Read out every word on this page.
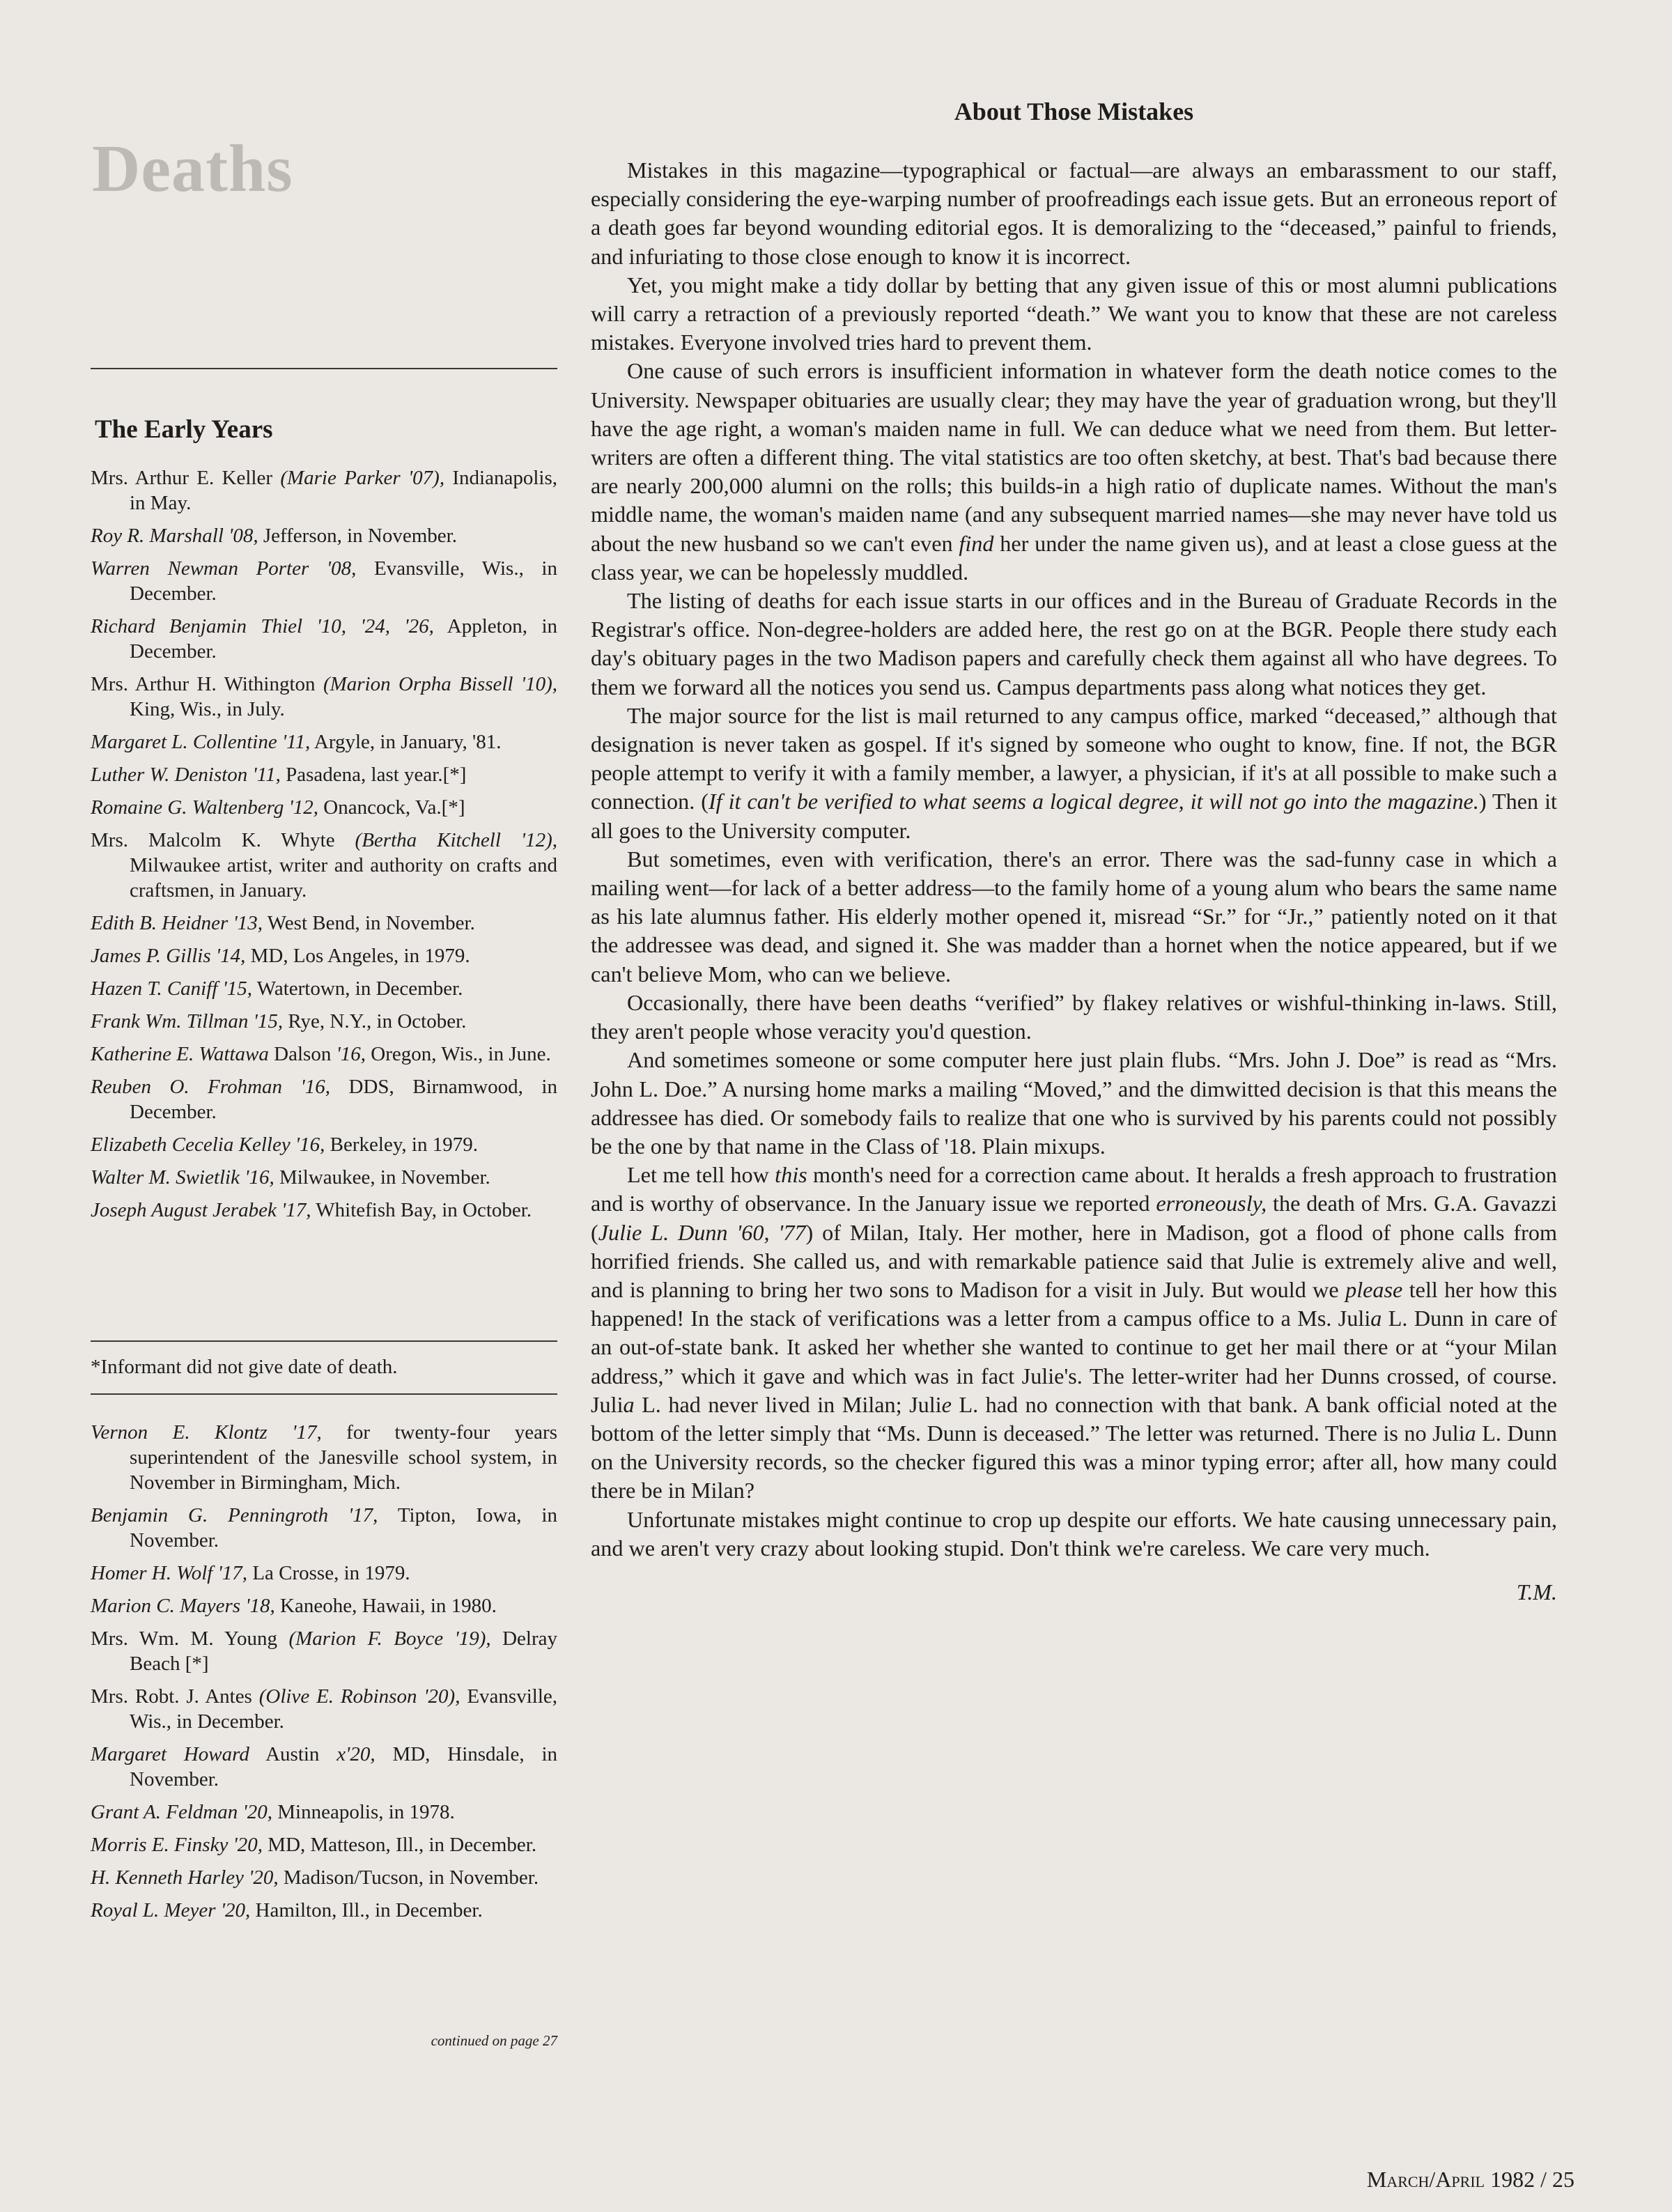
Deaths
The Early Years

Mrs. Arthur E. Keller (Marie Parker '07), Indianapolis, in May.

Roy R. Marshall '08, Jefferson, in November.

Warren Newman Porter '08, Evansville, Wis., in December.

Richard Benjamin Thiel '10, '24, '26, Appleton, in December.

Mrs. Arthur H. Withington (Marion Orpha Bissell '10), King, Wis., in July.

Margaret L. Collentine '11, Argyle, in January, '81.

Luther W. Deniston '11, Pasadena, last year.[*]

Romaine G. Waltenberg '12, Onancock, Va.[*]

Mrs. Malcolm K. Whyte (Bertha Kitchell '12), Milwaukee artist, writer and authority on crafts and craftsmen, in January.

Edith B. Heidner '13, West Bend, in November.

James P. Gillis '14, MD, Los Angeles, in 1979.

Hazen T. Caniff '15, Watertown, in December.

Frank Wm. Tillman '15, Rye, N.Y., in October.

Katherine E. Wattawa Dalson '16, Oregon, Wis., in June.

Reuben O. Frohman '16, DDS, Birnamwood, in December.

Elizabeth Cecelia Kelley '16, Berkeley, in 1979.

Walter M. Swietlik '16, Milwaukee, in November.

Joseph August Jerabek '17, Whitefish Bay, in October.

*Informant did not give date of death.

Vernon E. Klontz '17, for twenty-four years superintendent of the Janesville school system, in November in Birmingham, Mich.

Benjamin G. Penningroth '17, Tipton, Iowa, in November.

Homer H. Wolf '17, La Crosse, in 1979.

Marion C. Mayers '18, Kaneohe, Hawaii, in 1980.

Mrs. Wm. M. Young (Marion F. Boyce '19), Delray Beach [*]

Mrs. Robt. J. Antes (Olive E. Robinson '20), Evansville, Wis., in December.

Margaret Howard Austin x'20, MD, Hinsdale, in November.

Grant A. Feldman '20, Minneapolis, in 1978.

Morris E. Finsky '20, MD, Matteson, Ill., in December.

H. Kenneth Harley '20, Madison/Tucson, in November.

Royal L. Meyer '20, Hamilton, Ill., in December.

continued on page 27

About Those Mistakes

Mistakes in this magazine—typographical or factual—are always an embarassment to our staff, especially considering the eye-warping number of proofreadings each issue gets. But an erroneous report of a death goes far beyond wounding editorial egos. It is demoralizing to the “deceased,” painful to friends, and infuriating to those close enough to know it is incorrect.

Yet, you might make a tidy dollar by betting that any given issue of this or most alumni publications will carry a retraction of a previously reported “death.” We want you to know that these are not careless mistakes. Everyone involved tries hard to prevent them.

One cause of such errors is insufficient information in whatever form the death notice comes to the University. Newspaper obituaries are usually clear; they may have the year of graduation wrong, but they'll have the age right, a woman's maiden name in full. We can deduce what we need from them. But letter-writers are often a different thing. The vital statistics are too often sketchy, at best. That's bad because there are nearly 200,000 alumni on the rolls; this builds-in a high ratio of duplicate names. Without the man's middle name, the woman's maiden name (and any subsequent married names—she may never have told us about the new husband so we can't even find her under the name given us), and at least a close guess at the class year, we can be hopelessly muddled.

The listing of deaths for each issue starts in our offices and in the Bureau of Graduate Records in the Registrar's office. Non-degree-holders are added here, the rest go on at the BGR. People there study each day's obituary pages in the two Madison papers and carefully check them against all who have degrees. To them we forward all the notices you send us. Campus departments pass along what notices they get.

The major source for the list is mail returned to any campus office, marked “deceased,” although that designation is never taken as gospel. If it's signed by someone who ought to know, fine. If not, the BGR people attempt to verify it with a family member, a lawyer, a physician, if it's at all possible to make such a connection. (If it can't be verified to what seems a logical degree, it will not go into the magazine.) Then it all goes to the University computer.

But sometimes, even with verification, there's an error. There was the sad-funny case in which a mailing went—for lack of a better address—to the family home of a young alum who bears the same name as his late alumnus father. His elderly mother opened it, misread “Sr.” for “Jr.,” patiently noted on it that the addressee was dead, and signed it. She was madder than a hornet when the notice appeared, but if we can't believe Mom, who can we believe.

Occasionally, there have been deaths “verified” by flakey relatives or wishful-thinking in-laws. Still, they aren't people whose veracity you'd question.

And sometimes someone or some computer here just plain flubs. “Mrs. John J. Doe” is read as “Mrs. John L. Doe.” A nursing home marks a mailing “Moved,” and the dimwitted decision is that this means the addressee has died. Or somebody fails to realize that one who is survived by his parents could not possibly be the one by that name in the Class of '18. Plain mixups.

Let me tell how this month's need for a correction came about. It heralds a fresh approach to frustration and is worthy of observance. In the January issue we reported erroneously, the death of Mrs. G.A. Gavazzi (Julie L. Dunn '60, '77) of Milan, Italy. Her mother, here in Madison, got a flood of phone calls from horrified friends. She called us, and with remarkable patience said that Julie is extremely alive and well, and is planning to bring her two sons to Madison for a visit in July. But would we please tell her how this happened! In the stack of verifications was a letter from a campus office to a Ms. Julia L. Dunn in care of an out-of-state bank. It asked her whether she wanted to continue to get her mail there or at “your Milan address,” which it gave and which was in fact Julie's. The letter-writer had her Dunns crossed, of course. Julia L. had never lived in Milan; Julie L. had no connection with that bank. A bank official noted at the bottom of the letter simply that “Ms. Dunn is deceased.” The letter was returned. There is no Julia L. Dunn on the University records, so the checker figured this was a minor typing error; after all, how many could there be in Milan?

Unfortunate mistakes might continue to crop up despite our efforts. We hate causing unnecessary pain, and we aren't very crazy about looking stupid. Don't think we're careless. We care very much.

T.M.

March/April 1982 / 25
